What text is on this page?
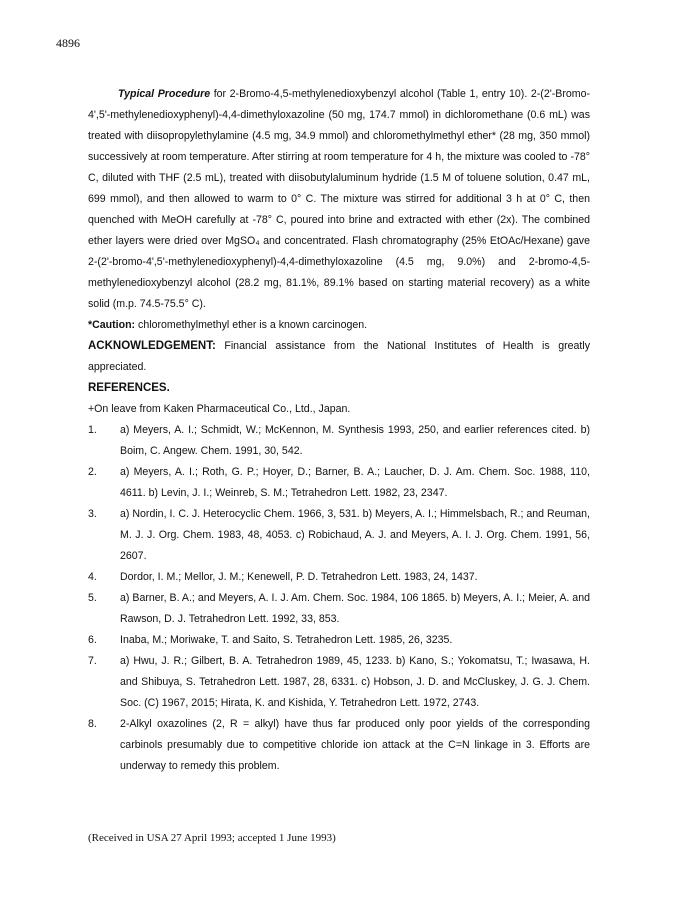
4896

Typical Procedure for 2-Bromo-4,5-methylenedioxybenzyl alcohol (Table 1, entry 10). 2-(2'-Bromo-4',5'-methylenedioxyphenyl)-4,4-dimethyloxazoline (50 mg, 174.7 mmol) in dichloromethane (0.6 mL) was treated with diisopropylethylamine (4.5 mg, 34.9 mmol) and chloromethylmethyl ether* (28 mg, 350 mmol) successively at room temperature. After stirring at room temperature for 4 h, the mixture was cooled to -78° C, diluted with THF (2.5 mL), treated with diisobutylaluminum hydride (1.5 M of toluene solution, 0.47 mL, 699 mmol), and then allowed to warm to 0° C. The mixture was stirred for additional 3 h at 0° C, then quenched with MeOH carefully at -78° C, poured into brine and extracted with ether (2x). The combined ether layers were dried over MgSO₄ and concentrated. Flash chromatography (25% EtOAc/Hexane) gave 2-(2'-bromo-4',5'-methylenedioxyphenyl)-4,4-dimethyloxazoline (4.5 mg, 9.0%) and 2-bromo-4,5-methylenedioxybenzyl alcohol (28.2 mg, 81.1%, 89.1% based on starting material recovery) as a white solid (m.p. 74.5-75.5° C).

*Caution: chloromethylmethyl ether is a known carcinogen.

ACKNOWLEDGEMENT: Financial assistance from the National Institutes of Health is greatly appreciated.

REFERENCES.

+On leave from Kaken Pharmaceutical Co., Ltd., Japan.

1. a) Meyers, A. I.; Schmidt, W.; McKennon, M. Synthesis 1993, 250, and earlier references cited. b) Boim, C. Angew. Chem. 1991, 30, 542.
2. a) Meyers, A. I.; Roth, G. P.; Hoyer, D.; Barner, B. A.; Laucher, D. J. Am. Chem. Soc. 1988, 110, 4611. b) Levin, J. I.; Weinreb, S. M.; Tetrahedron Lett. 1982, 23, 2347.
3. a) Nordin, I. C. J. Heterocyclic Chem. 1966, 3, 531. b) Meyers, A. I.; Himmelsbach, R.; and Reuman, M. J. J. Org. Chem. 1983, 48, 4053. c) Robichaud, A. J. and Meyers, A. I. J. Org. Chem. 1991, 56, 2607.
4. Dordor, I. M.; Mellor, J. M.; Kenewell, P. D. Tetrahedron Lett. 1983, 24, 1437.
5. a) Barner, B. A.; and Meyers, A. I. J. Am. Chem. Soc. 1984, 106 1865. b) Meyers, A. I.; Meier, A. and Rawson, D. J. Tetrahedron Lett. 1992, 33, 853.
6. Inaba, M.; Moriwake, T. and Saito, S. Tetrahedron Lett. 1985, 26, 3235.
7. a) Hwu, J. R.; Gilbert, B. A. Tetrahedron 1989, 45, 1233. b) Kano, S.; Yokomatsu, T.; Iwasawa, H. and Shibuya, S. Tetrahedron Lett. 1987, 28, 6331. c) Hobson, J. D. and McCluskey, J. G. J. Chem. Soc. (C) 1967, 2015; Hirata, K. and Kishida, Y. Tetrahedron Lett. 1972, 2743.
8. 2-Alkyl oxazolines (2, R = alkyl) have thus far produced only poor yields of the corresponding carbinols presumably due to competitive chloride ion attack at the C=N linkage in 3. Efforts are underway to remedy this problem.
(Received in USA 27 April 1993; accepted 1 June 1993)
